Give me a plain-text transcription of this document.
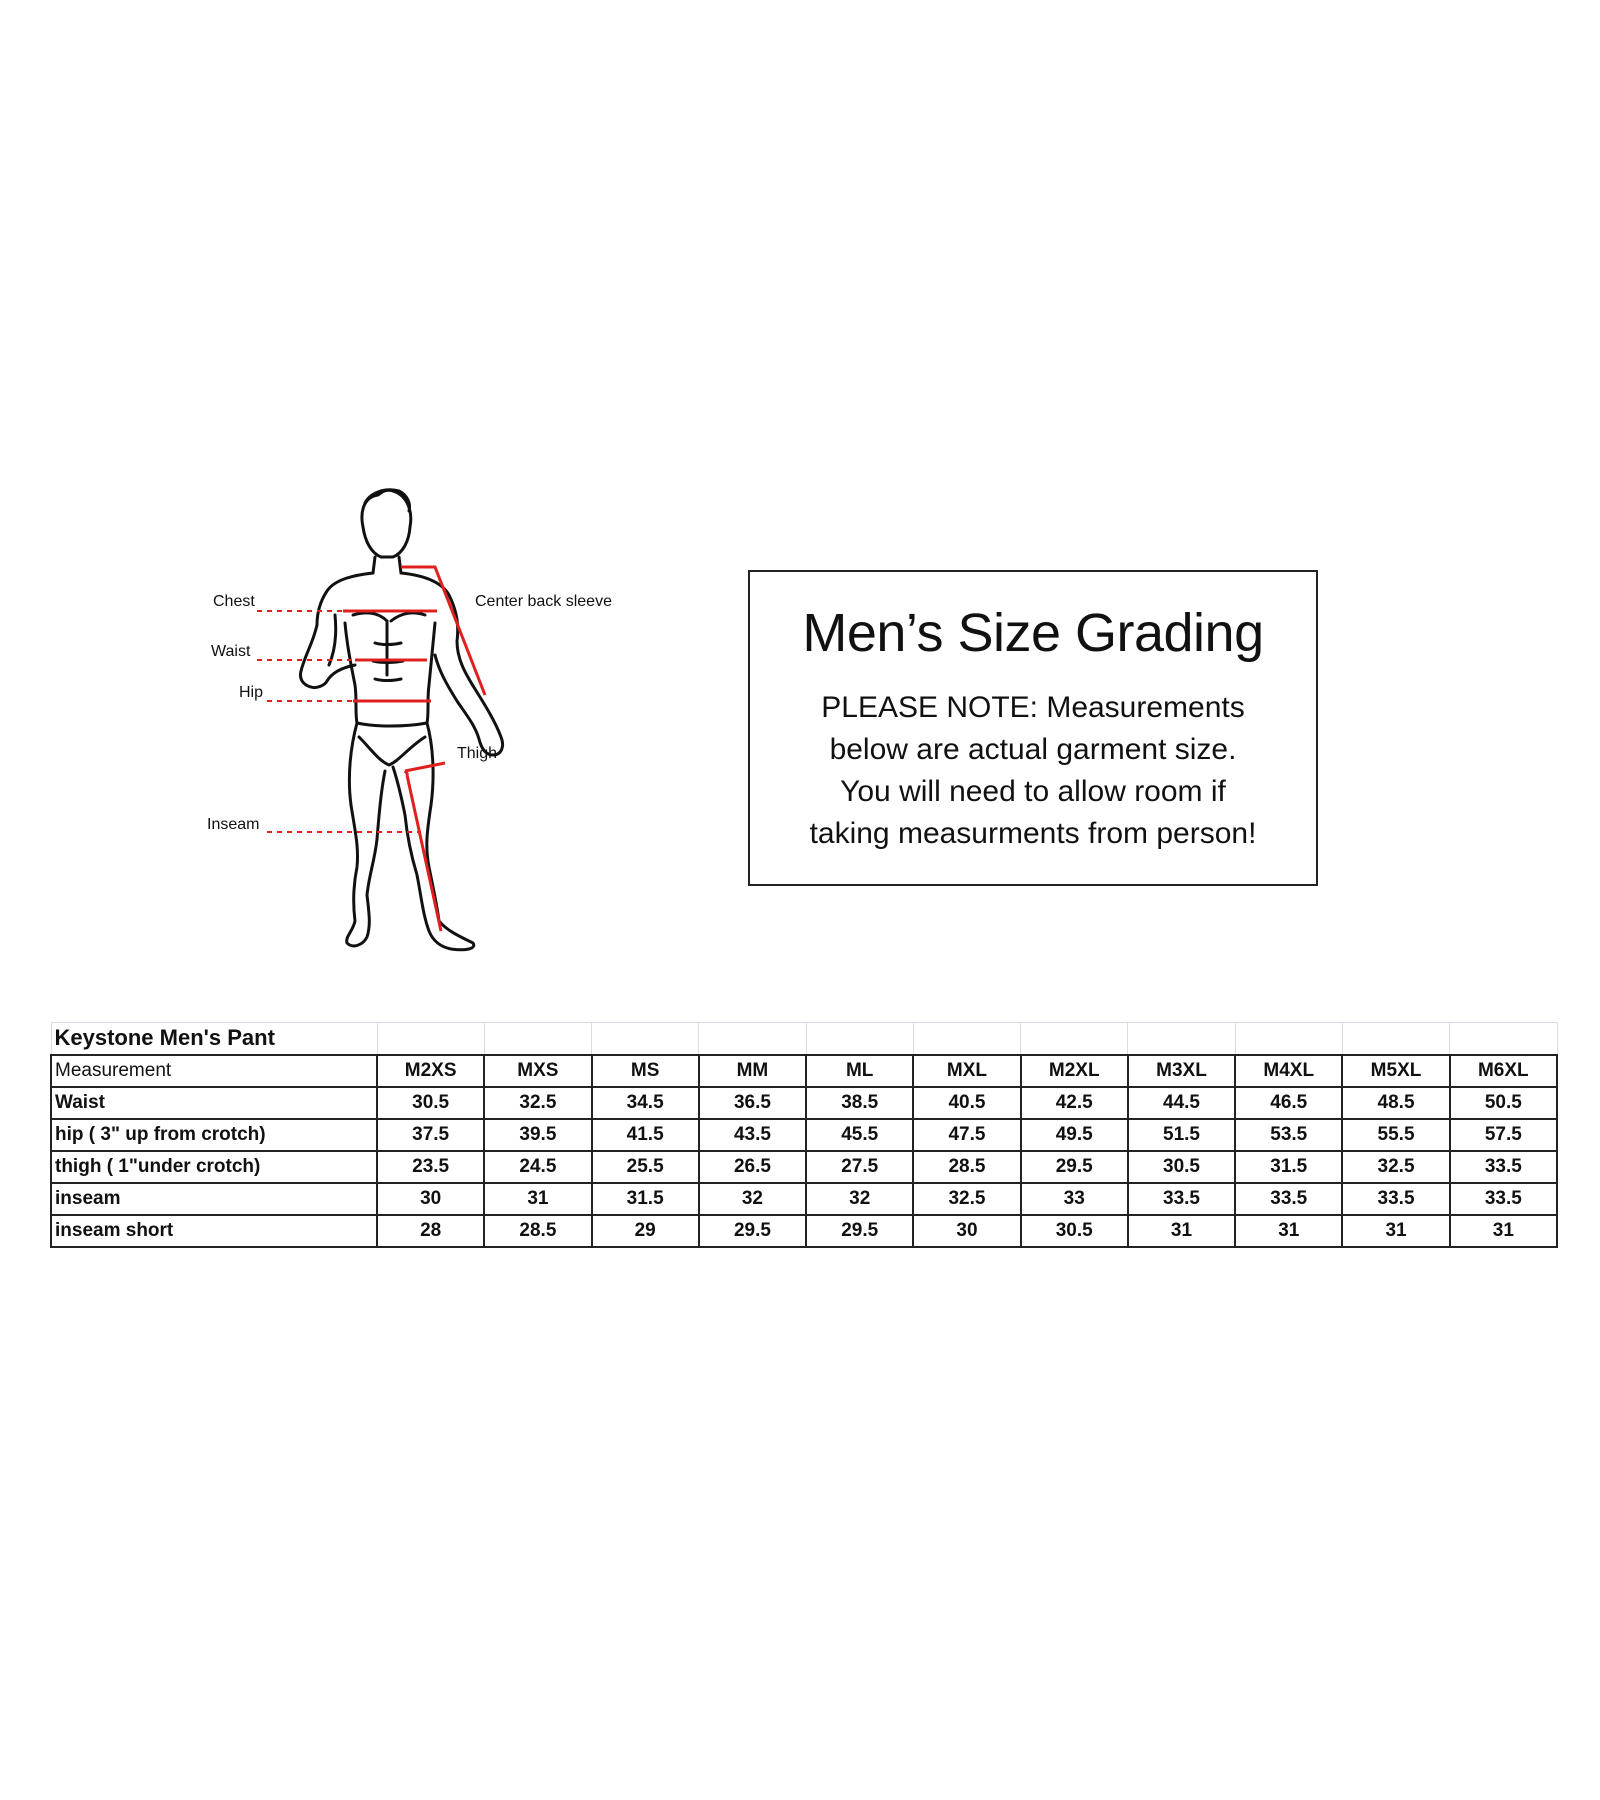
Chest
Waist
Hip
Inseam
Center back sleeve
Thigh
Men’s Size Grading
PLEASE NOTE: Measurements
below are actual garment size.
You will need to allow room if
taking measurments from person!
Keystone Men's Pant											
Measurement	M2XS	MXS	MS	MM	ML	MXL	M2XL	M3XL	M4XL	M5XL	M6XL
Waist	30.5	32.5	34.5	36.5	38.5	40.5	42.5	44.5	46.5	48.5	50.5
hip ( 3" up from crotch)	37.5	39.5	41.5	43.5	45.5	47.5	49.5	51.5	53.5	55.5	57.5
thigh ( 1"under crotch)	23.5	24.5	25.5	26.5	27.5	28.5	29.5	30.5	31.5	32.5	33.5
inseam	30	31	31.5	32	32	32.5	33	33.5	33.5	33.5	33.5
inseam short	28	28.5	29	29.5	29.5	30	30.5	31	31	31	31
